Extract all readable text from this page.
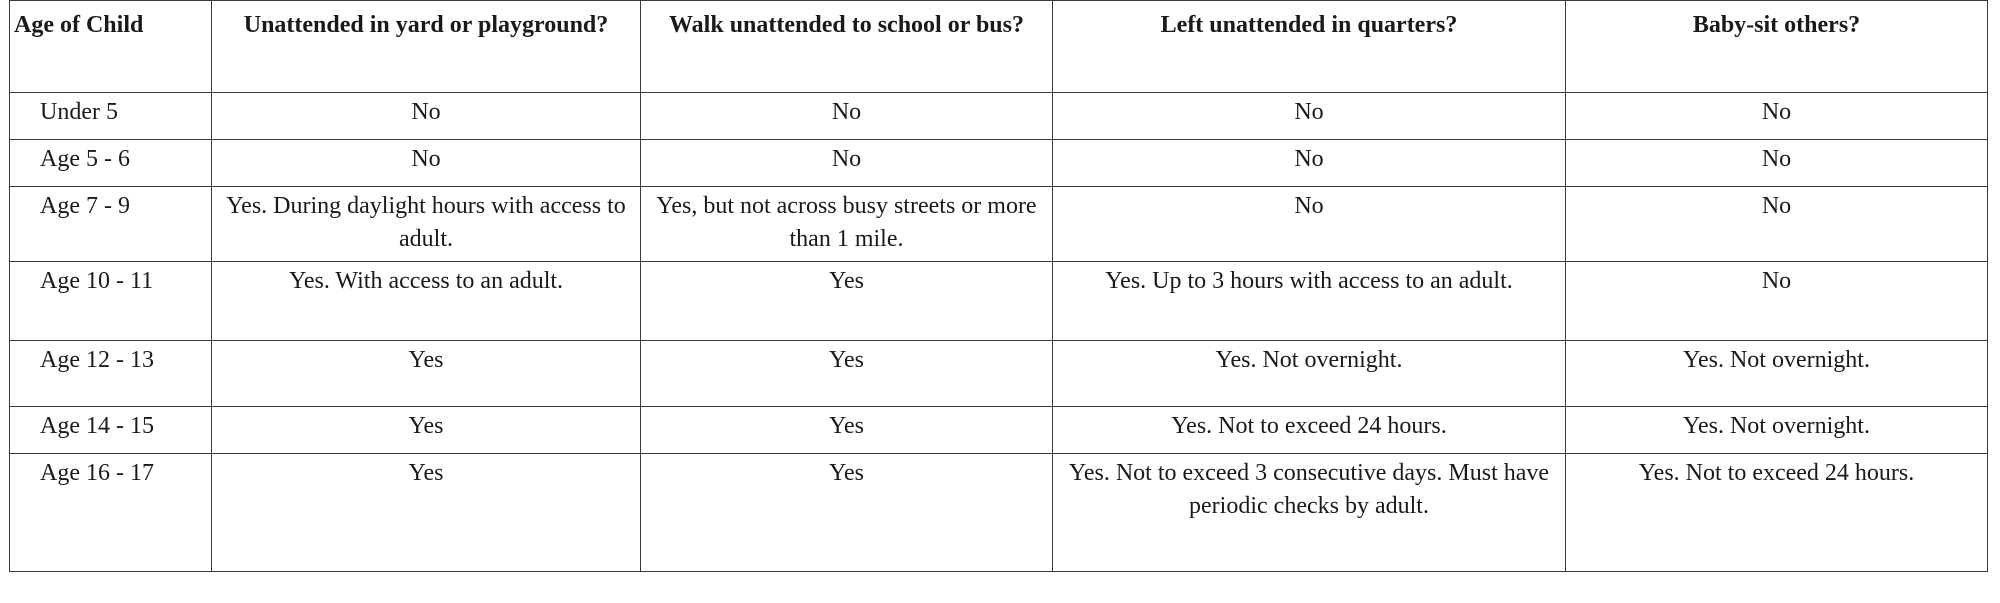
Age of Child	Unattended in yard or playground?	Walk unattended to school or bus?	Left unattended in quarters?	Baby-sit others?
Under 5	No	No	No	No
Age 5 - 6	No	No	No	No
Age 7 - 9	Yes. During daylight hours with access to adult.	Yes, but not across busy streets or more than 1 mile.	No	No
Age 10 - 11	Yes. With access to an adult.	Yes	Yes. Up to 3 hours with access to an adult.	No
Age 12 - 13	Yes	Yes	Yes. Not overnight.	Yes. Not overnight.
Age 14 - 15	Yes	Yes	Yes. Not to exceed 24 hours.	Yes. Not overnight.
Age 16 - 17	Yes	Yes	Yes. Not to exceed 3 consecutive days. Must have periodic checks by adult.	Yes. Not to exceed 24 hours.
